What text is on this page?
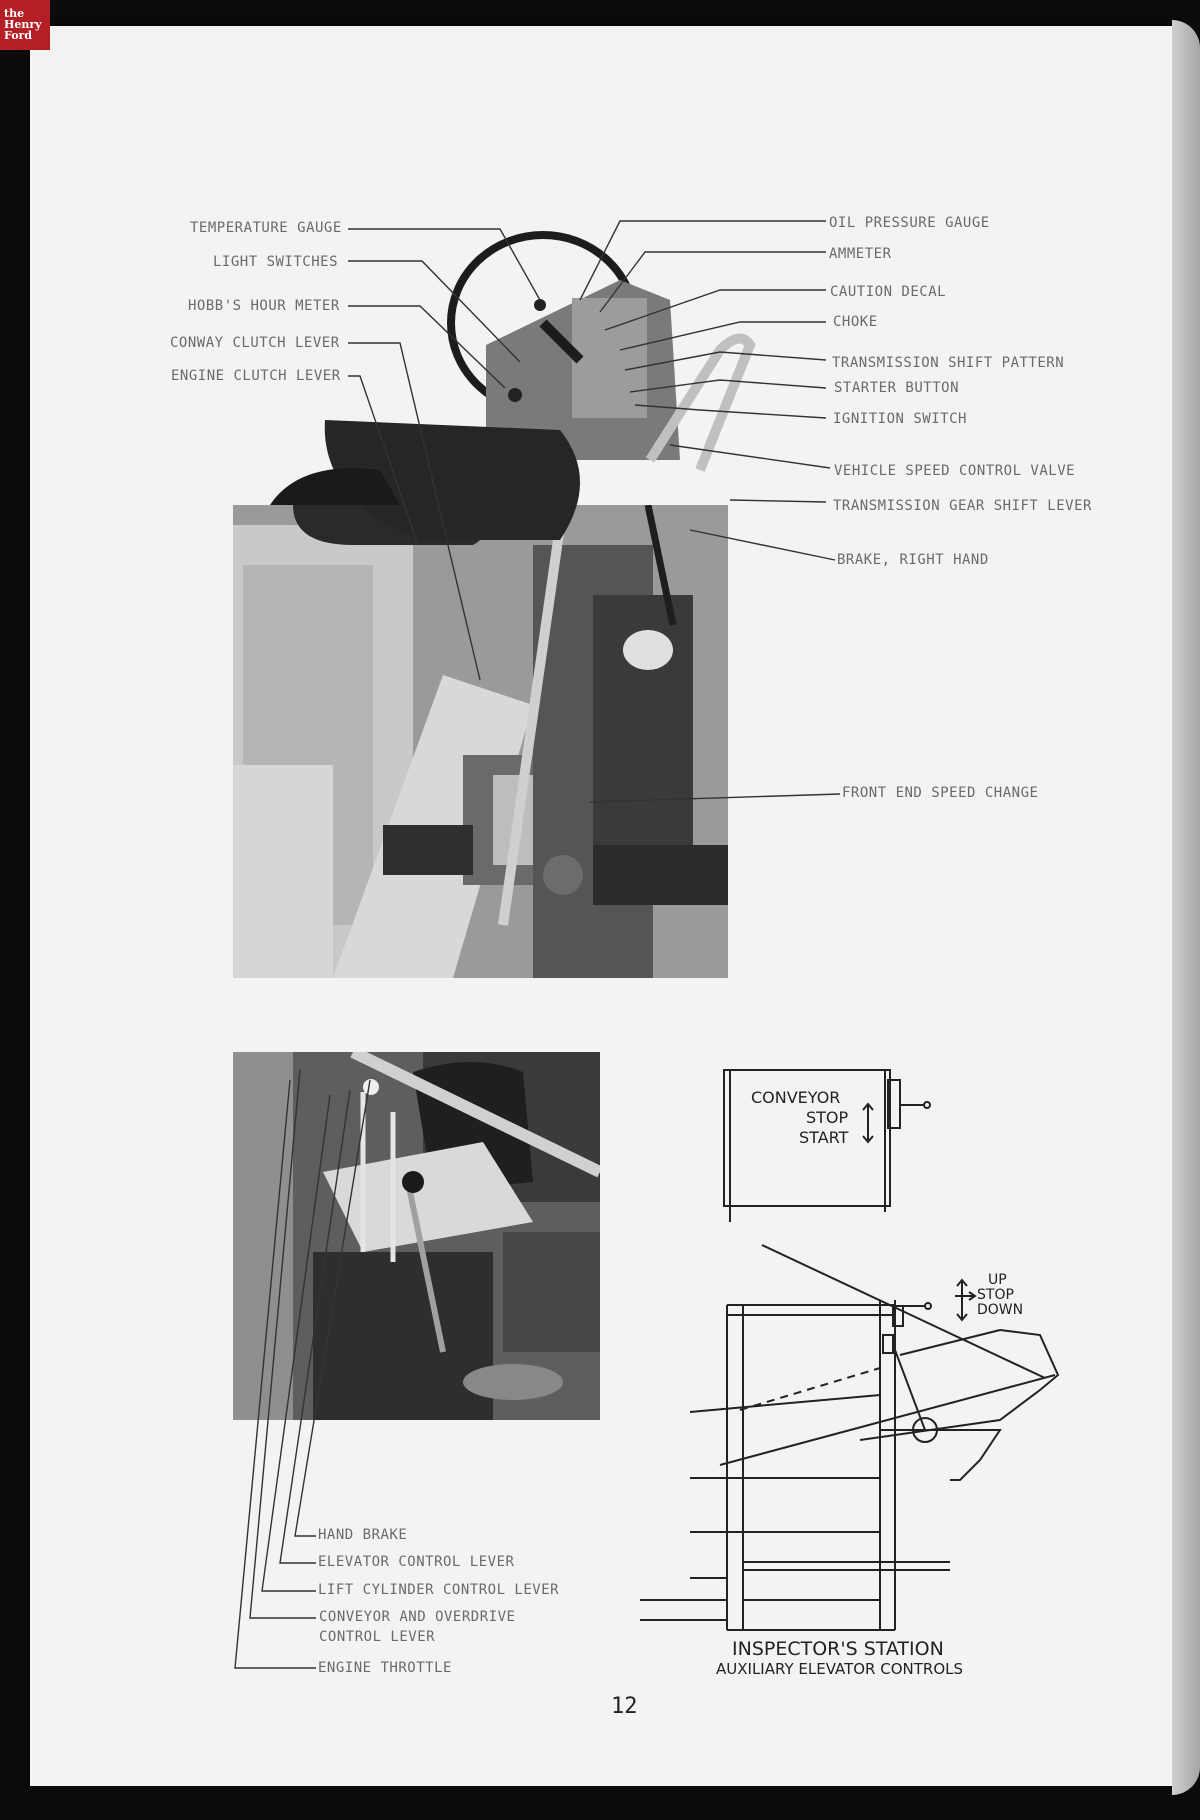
the
Henry
Ford
TEMPERATURE GAUGE
LIGHT SWITCHES
HOBB'S HOUR METER
CONWAY CLUTCH LEVER
ENGINE CLUTCH LEVER
OIL PRESSURE GAUGE
AMMETER
CAUTION DECAL
CHOKE
TRANSMISSION SHIFT PATTERN
STARTER BUTTON
IGNITION SWITCH
VEHICLE SPEED CONTROL VALVE
TRANSMISSION GEAR SHIFT LEVER
BRAKE, RIGHT HAND
FRONT END SPEED CHANGE
HAND BRAKE
ELEVATOR CONTROL LEVER
LIFT CYLINDER CONTROL LEVER
CONVEYOR AND OVERDRIVE
CONTROL LEVER
ENGINE THROTTLE
CONVEYOR
STOP
START
UP
STOP
DOWN
INSPECTOR'S STATION
AUXILIARY ELEVATOR CONTROLS
12
